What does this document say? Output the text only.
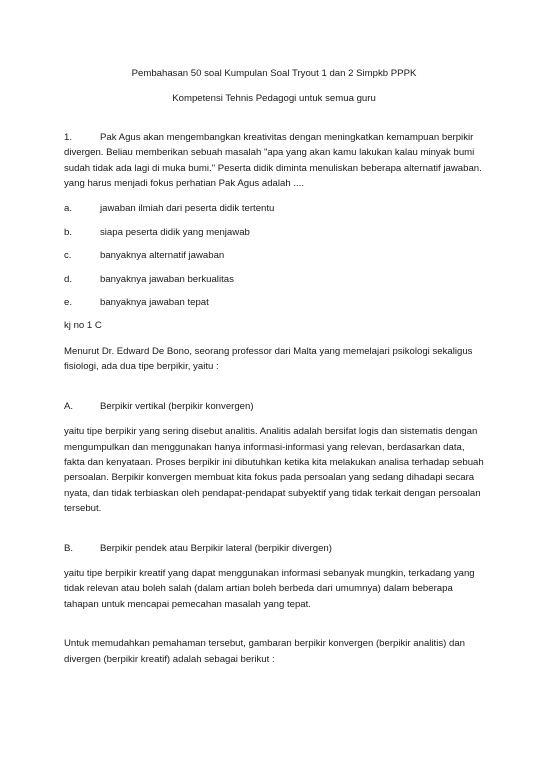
Pembahasan 50 soal Kumpulan Soal Tryout 1 dan 2 Simpkb PPPK
Kompetensi Tehnis Pedagogi untuk semua guru
1.	Pak Agus akan mengembangkan kreativitas dengan meningkatkan kemampuan berpikir divergen. Beliau memberikan sebuah masalah "apa yang akan kamu lakukan kalau minyak bumi sudah tidak ada lagi di muka bumi." Peserta didik diminta menuliskan beberapa alternatif jawaban. yang harus menjadi fokus perhatian Pak Agus adalah ....
a.	jawaban ilmiah dari peserta didik tertentu
b.	siapa peserta didik yang menjawab
c.	banyaknya alternatif jawaban
d.	banyaknya jawaban berkualitas
e.	banyaknya jawaban tepat

kj no 1 C

Menurut Dr. Edward De Bono, seorang professor dari Malta yang memelajari psikologi sekaligus fisiologi, ada dua tipe berpikir, yaitu :

A.	Berpikir vertikal (berpikir konvergen)

yaitu tipe berpikir yang sering disebut analitis. Analitis adalah bersifat logis dan sistematis dengan mengumpulkan dan menggunakan hanya informasi-informasi yang relevan, berdasarkan data, fakta dan kenyataan. Proses berpikir ini dibutuhkan ketika kita melakukan analisa terhadap sebuah persoalan. Berpikir konvergen membuat kita fokus pada persoalan yang sedang dihadapi secara nyata, dan tidak terbiaskan oleh pendapat-pendapat subyektif yang tidak terkait dengan persoalan tersebut.

B.	Berpikir pendek atau Berpikir lateral (berpikir divergen)

yaitu tipe berpikir kreatif yang dapat menggunakan informasi sebanyak mungkin, terkadang yang tidak relevan atau boleh salah (dalam artian boleh berbeda dari umumnya) dalam beberapa tahapan untuk mencapai pemecahan masalah yang tepat.

Untuk memudahkan pemahaman tersebut, gambaran berpikir konvergen (berpikir analitis) dan divergen (berpikir kreatif) adalah sebagai berikut :
